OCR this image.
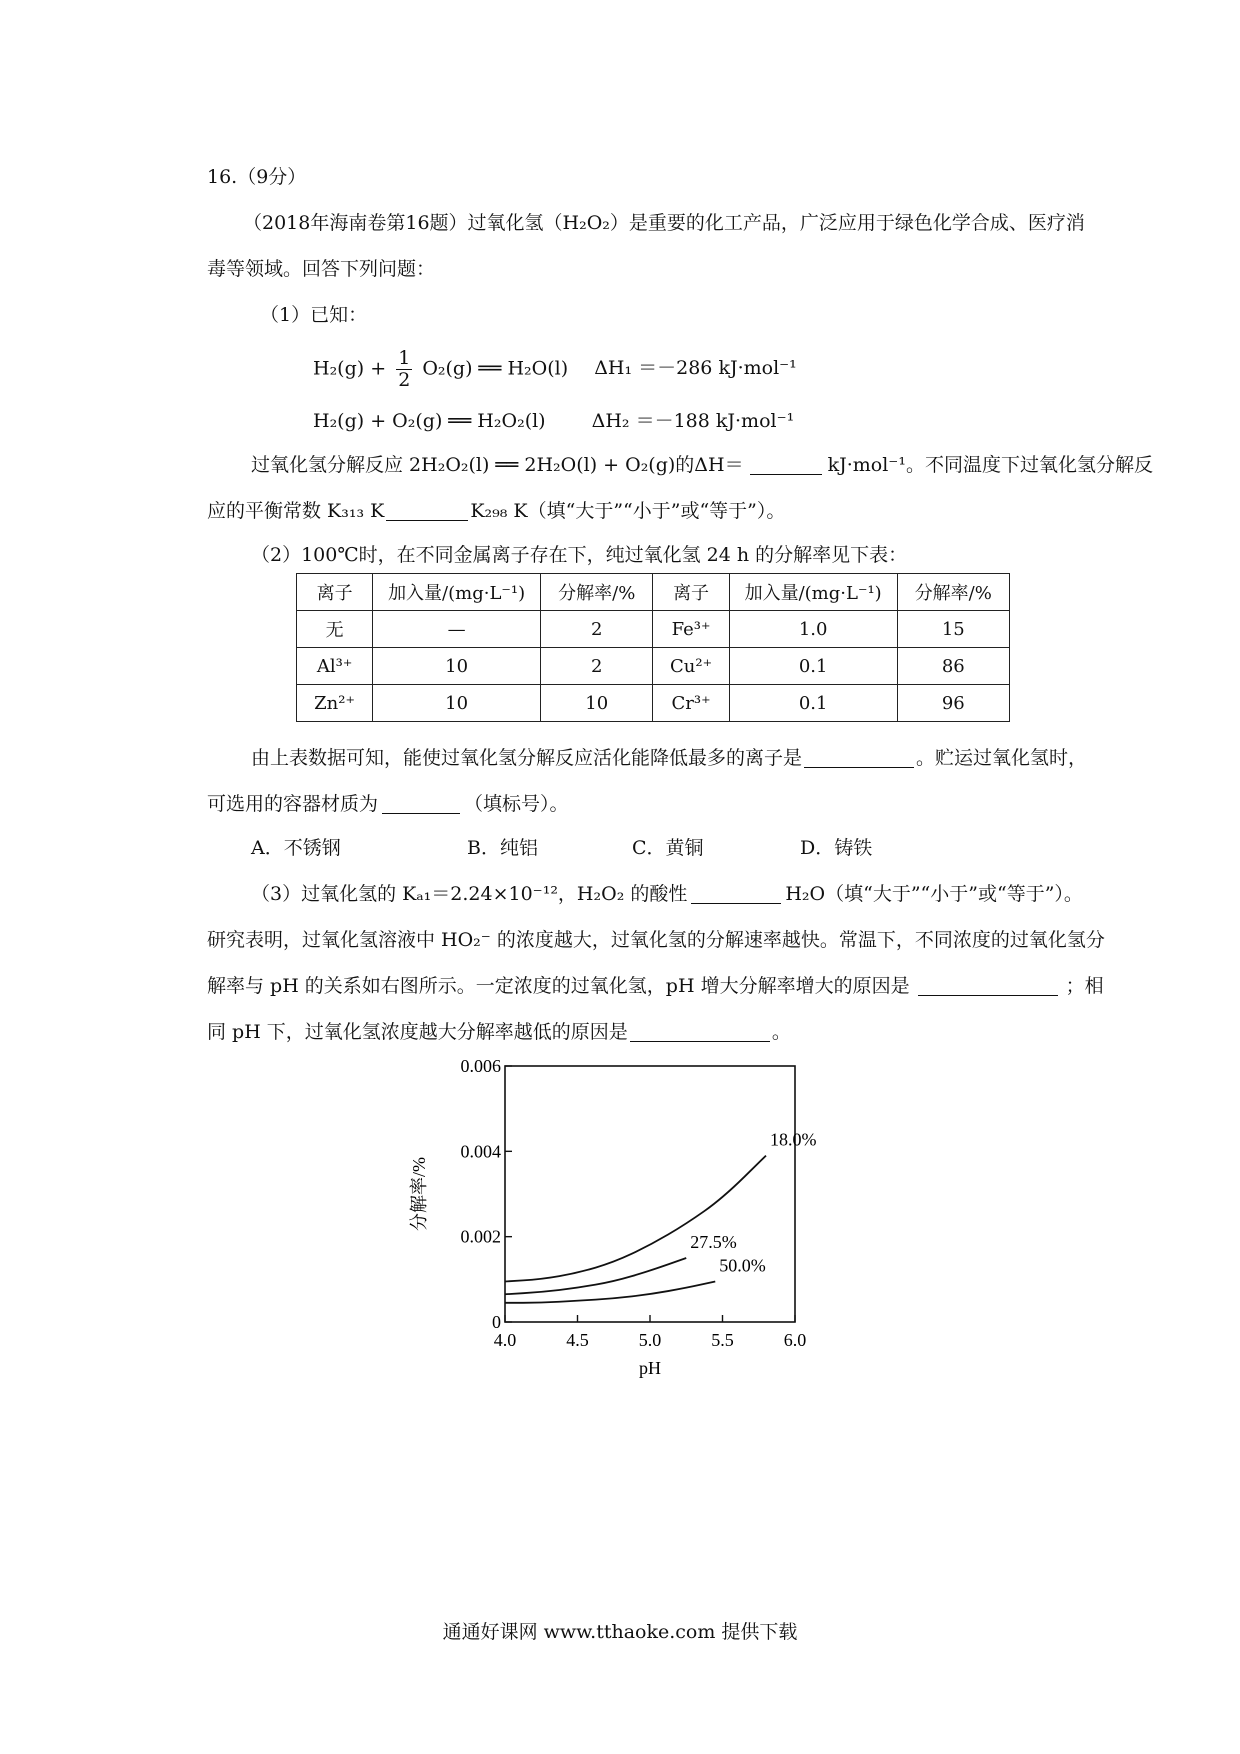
16.（9分）
（2018年海南卷第16题）过氧化氢（H₂O₂）是重要的化工产品，广泛应用于绿色化学合成、医疗消
毒等领域。回答下列问题：
（1）已知：
$H_2(g) + \frac{1}{2} O_2(g)$ ══ H₂O(l) ΔH₁ ＝－286 kJ·mol⁻¹
H₂(g) + O₂(g) ══ H₂O₂(l) ΔH₂ ＝－188 kJ·mol⁻¹
过氧化氢分解反应 2H₂O₂(l) ══ 2H₂O(l) + O₂(g)的ΔH＝	kJ·mol⁻¹。不同温度下过氧化氢分解反
应的平衡常数 K₃₁₃ K	K₂₉₈ K（填“大于”“小于”或“等于”）。
（2）100℃时，在不同金属离子存在下，纯过氧化氢 24 h 的分解率见下表：
离子	加入量/(mg·L⁻¹)	分解率/%	离子	加入量/(mg·L⁻¹)	分解率/%
无	—	2	Fe³⁺	1.0	15
Al³⁺	10	2	Cu²⁺	0.1	86
Zn²⁺	10	10	Cr³⁺	0.1	96
由上表数据可知，能使过氧化氢分解反应活化能降低最多的离子是	。贮运过氧化氢时，
可选用的容器材质为	（填标号）。
A．不锈钢	B．纯铝	C．黄铜	D．铸铁
（3）过氧化氢的 Kₐ₁＝2.24×10⁻¹²，H₂O₂ 的酸性	H₂O（填“大于”“小于”或“等于”）。
研究表明，过氧化氢溶液中 HO₂⁻ 的浓度越大，过氧化氢的分解速率越快。常温下，不同浓度的过氧化氢分
解率与 pH 的关系如右图所示。一定浓度的过氧化氢，pH 增大分解率增大的原因是	；相
同 pH 下，过氧化氢浓度越大分解率越低的原因是	。
4.0	4.5	5.0	5.5	6.0
0
0.002
0.004
0.006
pH
分解率/%
18.0%
27.5%
50.0%
通通好课网 www.tthaoke.com 提供下载
